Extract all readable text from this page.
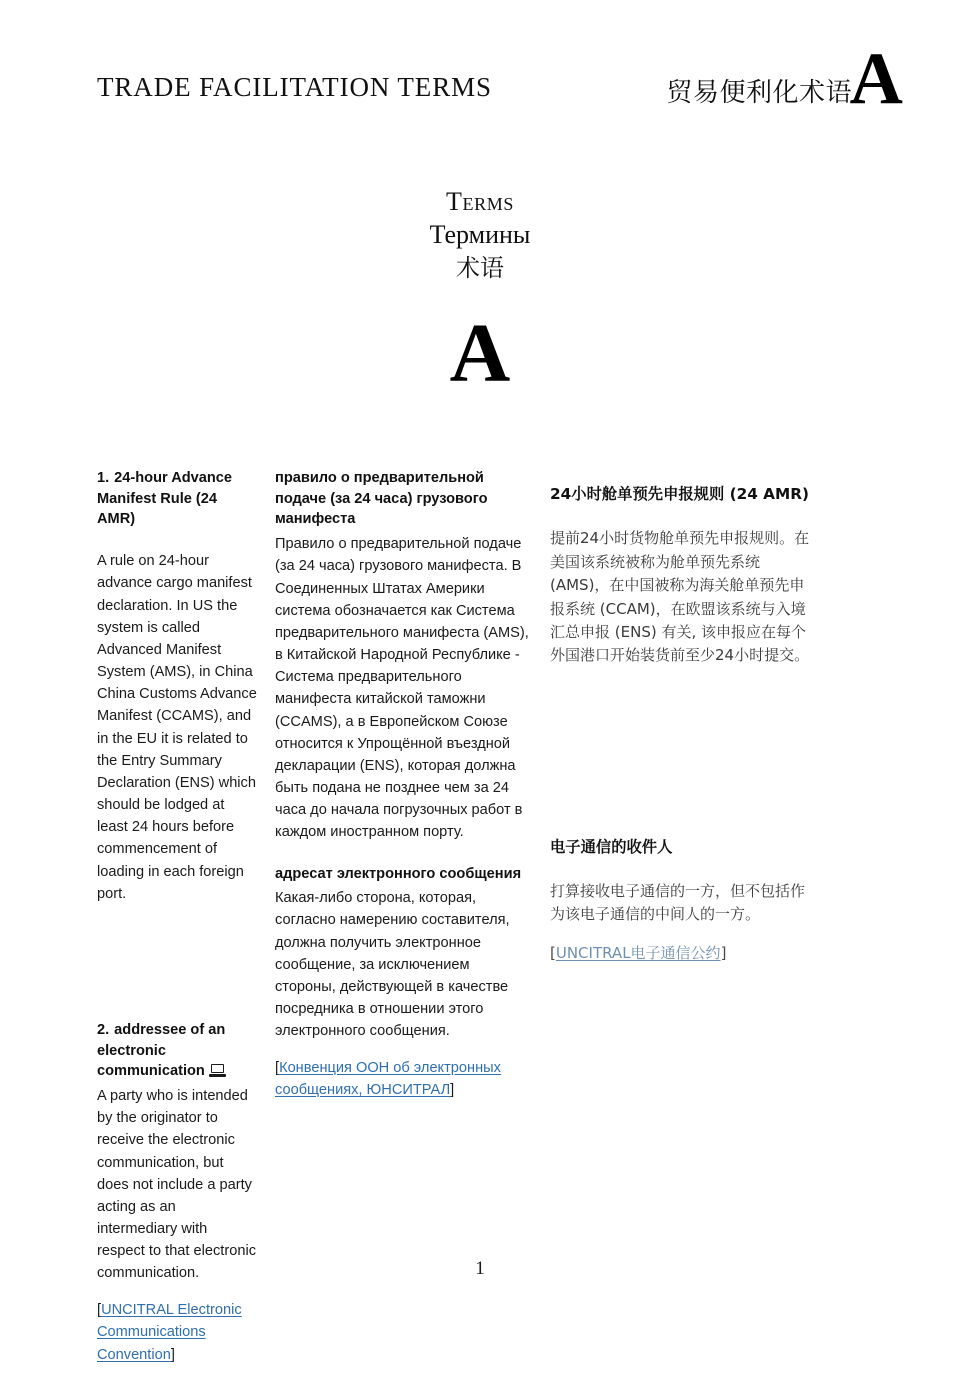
TRADE FACILITATION TERMS	贸易便利化术语
A
Terms
Термины
术语
A

1. 24-hour Advance Manifest Rule (24 AMR)

A rule on 24-hour advance cargo manifest declaration. In US the system is called Advanced Manifest System (AMS), in China China Customs Advance Manifest (CCAMS), and in the EU it is related to the Entry Summary Declaration (ENS) which should be lodged at least 24 hours before commencement of loading in each foreign port.

2. addressee of an electronic communication

A party who is intended by the originator to receive the electronic communication, but does not include a party acting as an intermediary with respect to that electronic communication.

[UNCITRAL Electronic Communications Convention]

правило о предварительной подаче (за 24 часа) грузового манифеста

Правило о предварительной подаче (за 24 часа) грузового манифеста. В Соединенных Штатах Америки система обозначается как Система предварительного манифеста (AMS), в Китайской Народной Республике - Система предварительного манифеста китайской таможни (CCAMS), а в Европейском Союзе относится к Упрощённой въездной декларации (ENS), которая должна быть подана не позднее чем за 24 часа до начала погрузочных работ в каждом иностранном порту.

адресат электронного сообщения

Какая-либо сторона, которая, согласно намерению составителя, должна получить электронное сообщение, за исключением стороны, действующей в качестве посредника в отношении этого электронного сообщения.

[Конвенция ООН об электронных сообщениях, ЮНСИТРАЛ]

24小时舱单预先申报规则 (24 AMR)

提前24小时货物舱单预先申报规则。在美国该系统被称为舱单预先系统 (AMS)，在中国被称为海关舱单预先申报系统 (CCAM)，在欧盟该系统与入境汇总申报 (ENS) 有关, 该申报应在每个外国港口开始装货前至少24小时提交。

电子通信的收件人

打算接收电子通信的一方，但不包括作为该电子通信的中间人的一方。

[UNCITRAL电子通信公约]

1
